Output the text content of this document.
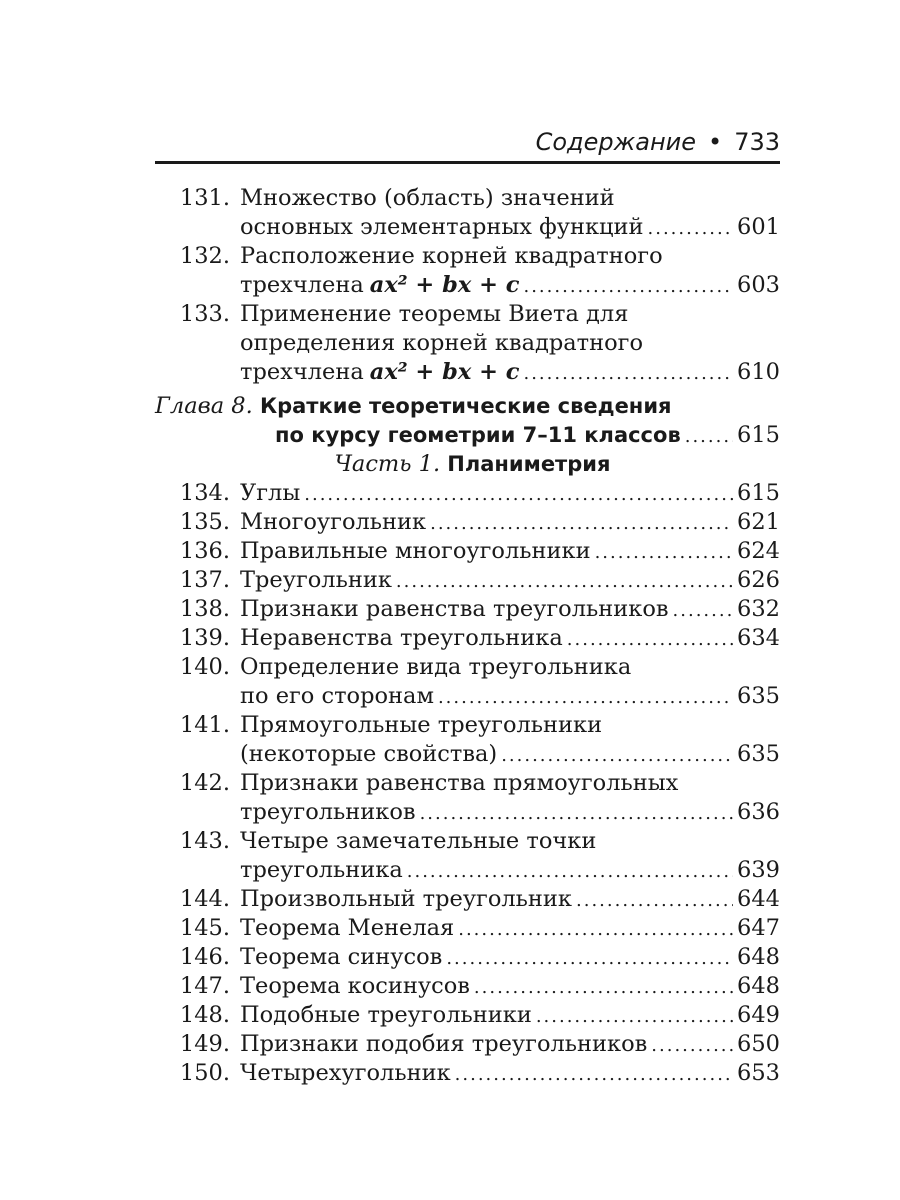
Содержание • 733
131. Множество (область) значений
основных элементарных функций .....	601
132. Расположение корней квадратного
трехчлена ax² + bx + c .....	603
133. Применение теоремы Виета для
определения корней квадратного
трехчлена ax² + bx + c .....	610
Глава 8.
Краткие теоретические сведения
по курсу геометрии 7–11 классов .....	615
Часть 1. Планиметрия
134. Углы .....	615
135. Многоугольник .....	621
136. Правильные многоугольники .....	624
137. Треугольник .....	626
138. Признаки равенства треугольников .....	632
139. Неравенства треугольника .....	634
140. Определение вида треугольника
по его сторонам .....	635
141. Прямоугольные треугольники
(некоторые свойства) .....	635
142. Признаки равенства прямоугольных
треугольников .....	636
143. Четыре замечательные точки
треугольника .....	639
144. Произвольный треугольник .....	644
145. Теорема Менелая .....	647
146. Теорема синусов .....	648
147. Теорема косинусов .....	648
148. Подобные треугольники .....	649
149. Признаки подобия треугольников .....	650
150. Четырехугольник .....	653
